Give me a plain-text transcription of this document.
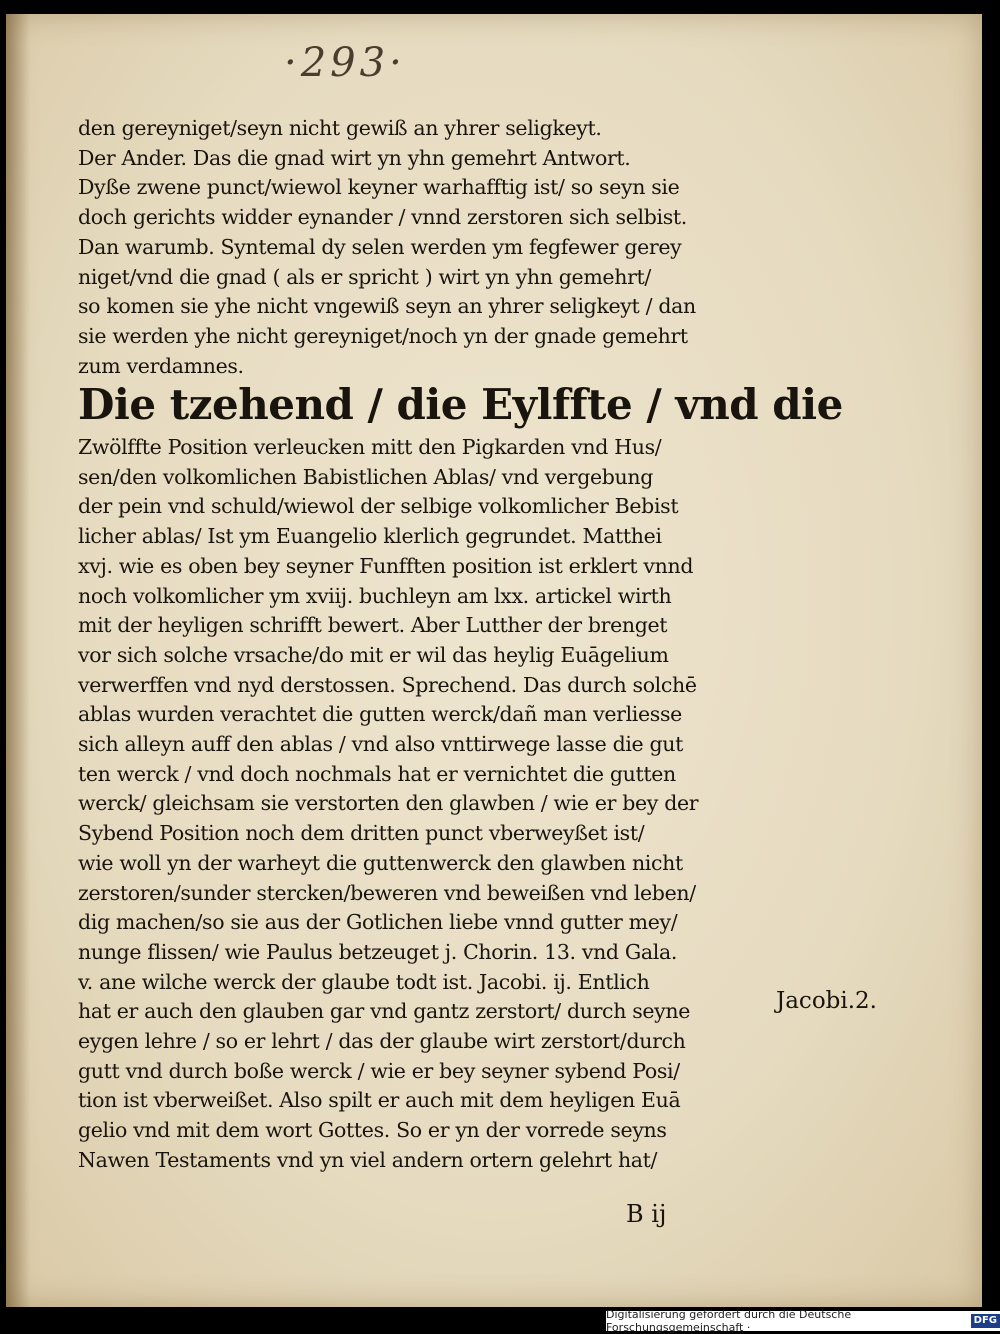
·293·
den gereyniget/seyn nicht gewiß an yhrer seligkeyt.
Der Ander. Das die gnad wirt yn yhn gemehrt Antwort.
Dyße zwene punct/wiewol keyner warhafftig ist/ so seyn sie
doch gerichts widder eynander / vnnd zerstoren sich selbist.
Dan warumb. Syntemal dy selen werden ym fegfewer gerey
niget/vnd die gnad ( als er spricht ) wirt yn yhn gemehrt/
so komen sie yhe nicht vngewiß seyn an yhrer seligkeyt / dan
sie werden yhe nicht gereyniget/noch yn der gnade gemehrt
zum verdamnes.
Die tzehend / die Eylffte / vnd die
Zwölffte Position verleucken mitt den Pigkarden vnd Hus/
sen/den volkomlichen Babistlichen Ablas/ vnd vergebung
der pein vnd schuld/wiewol der selbige volkomlicher Bebist
licher ablas/ Ist ym Euangelio klerlich gegrundet. Matthei
xvj. wie es oben bey seyner Funfften position ist erklert vnnd
noch volkomlicher ym xviij. buchleyn am lxx. artickel wirth
mit der heyligen schrifft bewert. Aber Lutther der brenget
vor sich solche vrsache/do mit er wil das heylig Euāgelium
verwerffen vnd nyd derstossen. Sprechend. Das durch solchē
ablas wurden verachtet die gutten werck/dañ man verliesse
sich alleyn auff den ablas / vnd also vnttirwege lasse die gut
ten werck / vnd doch nochmals hat er vernichtet die gutten
werck/ gleichsam sie verstorten den glawben / wie er bey der
Sybend Position noch dem dritten punct vberweyßet ist/
wie woll yn der warheyt die guttenwerck den glawben nicht
zerstoren/sunder stercken/beweren vnd beweißen vnd leben/
dig machen/so sie aus der Gotlichen liebe vnnd gutter mey/
nunge flissen/ wie Paulus betzeuget j. Chorin. 13. vnd Gala.
v. ane wilche werck der glaube todt ist. Jacobi. ij. Entlich
hat er auch den glauben gar vnd gantz zerstort/ durch seyne
eygen lehre / so er lehrt / das der glaube wirt zerstort/durch
gutt vnd durch boße werck / wie er bey seyner sybend Posi/
tion ist vberweißet. Also spilt er auch mit dem heyligen Euā
gelio vnd mit dem wort Gottes. So er yn der vorrede seyns
Nawen Testaments vnd yn viel andern ortern gelehrt hat/
Jacobi.2.
B ij
Digitalisierung gefördert durch die Deutsche Forschungsgemeinschaft ·
DFG
